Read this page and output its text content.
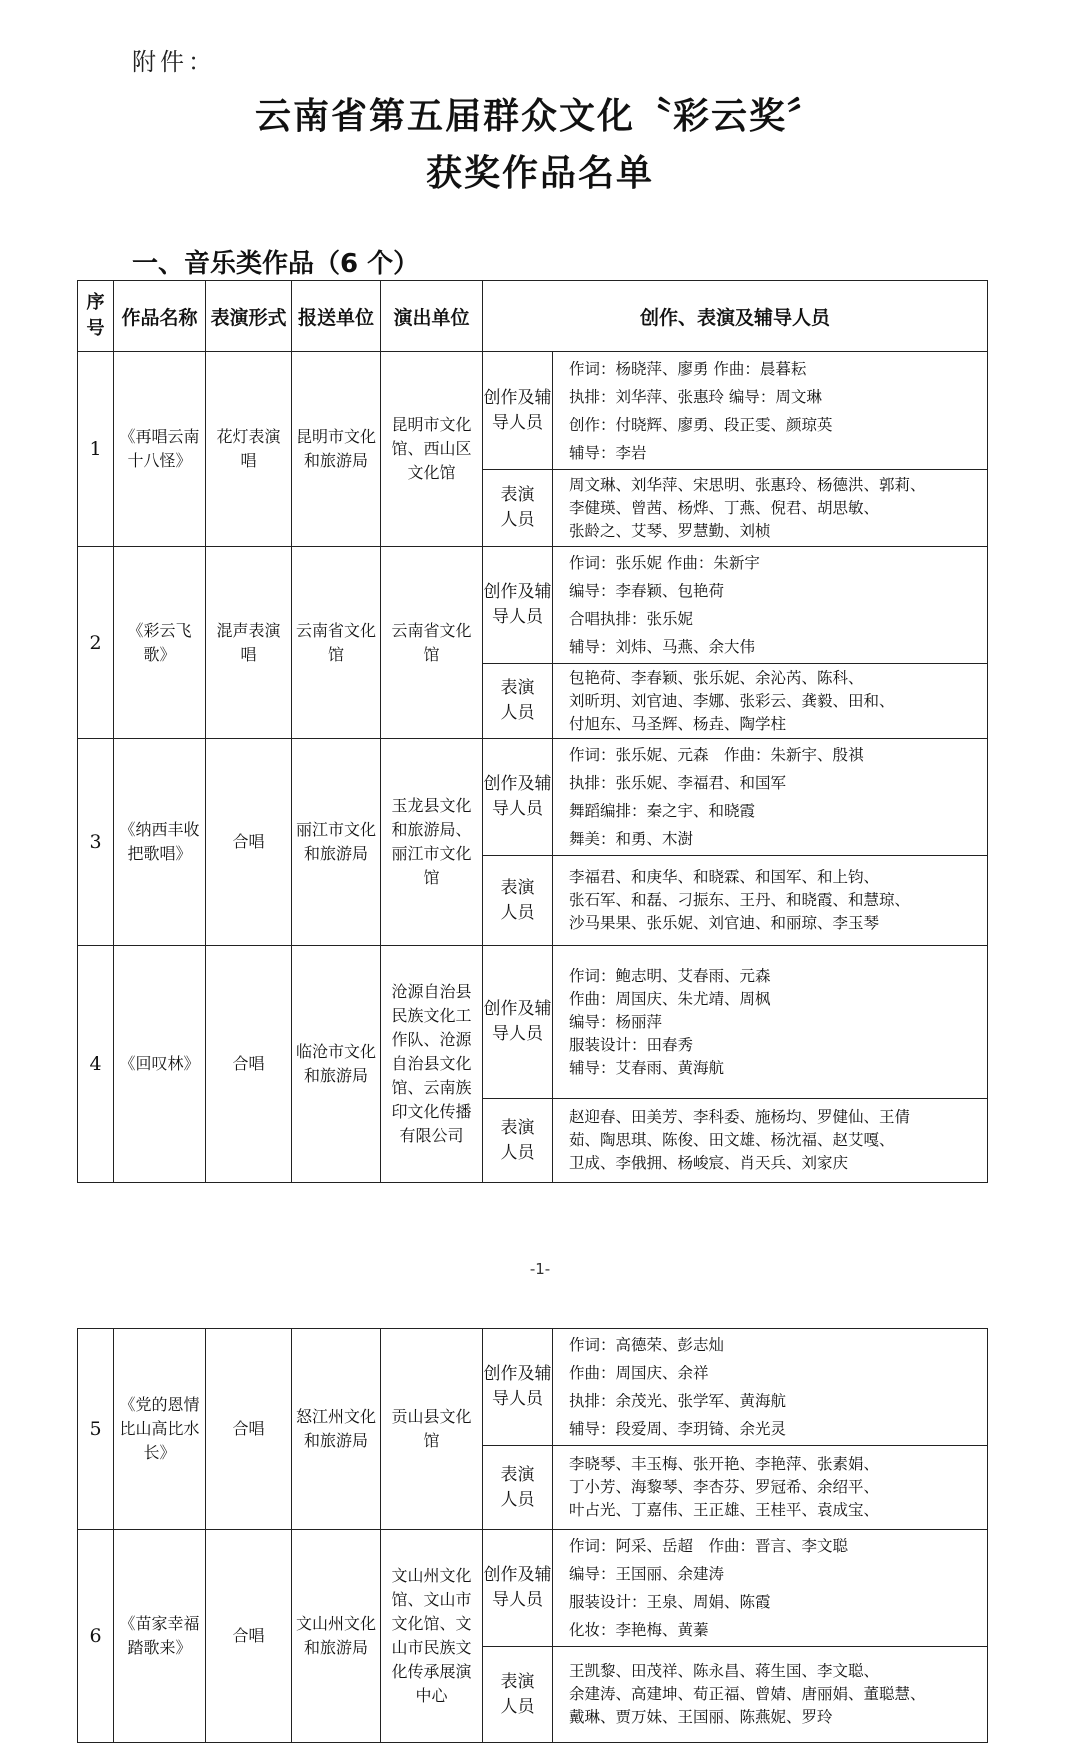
附件：
云南省第五届群众文化〝彩云奖〞
获奖作品名单
一、音乐类作品（6 个）
序号	作品名称	表演形式	报送单位	演出单位	创作、表演及辅导人员	
1	《再唱云南十八怪》	花灯表演唱	昆明市文化和旅游局	昆明市文化馆、西山区文化馆	创作及辅导人员	作词：杨晓萍、廖勇 作曲：晨暮耘
执排：刘华萍、张惠玲 编导：周文琳
创作：付晓辉、廖勇、段正雯、颜琼英
辅导：李岩

					表演人员	周文琳、刘华萍、宋思明、张惠玲、杨德洪、郭莉、
李健瑛、曾茜、杨烨、丁燕、倪君、胡思敏、
张龄之、艾琴、罗慧勤、刘桢

2	《彩云飞歌》	混声表演唱	云南省文化馆	云南省文化馆	创作及辅导人员	作词：张乐妮 作曲：朱新宇
编导：李春颖、包艳荷
合唱执排：张乐妮
辅导：刘炜、马燕、余大伟

					表演人员	包艳荷、李春颖、张乐妮、余沁芮、陈科、
刘昕玥、刘官迪、李娜、张彩云、龚毅、田和、
付旭东、马圣辉、杨垚、陶学柱

3	《纳西丰收把歌唱》	合唱	丽江市文化和旅游局	玉龙县文化和旅游局、丽江市文化馆	创作及辅导人员	作词：张乐妮、元森　作曲：朱新宇、殷祺
执排：张乐妮、李福君、和国军
舞蹈编排：秦之宇、和晓霞
舞美：和勇、木澍

					表演人员	李福君、和庚华、和晓霖、和国军、和上钧、
张石军、和磊、刁振东、王丹、和晓霞、和慧琼、
沙马果果、张乐妮、刘官迪、和丽琼、李玉琴

4	《回叹林》	合唱	临沧市文化和旅游局	沧源自治县民族文化工作队、沧源自治县文化馆、云南族印文化传播有限公司	创作及辅导人员	作词：鲍志明、艾春雨、元森
作曲：周国庆、朱尤靖、周枫
编导：杨丽萍
服装设计：田春秀
辅导：艾春雨、黄海航

					表演人员	赵迎春、田美芳、李科委、施杨均、罗健仙、王倩
茹、陶思琪、陈俊、田文雄、杨沈福、赵艾嘎、
卫成、李俄拥、杨峻宸、肖天兵、刘家庆
-1-
5	《党的恩情比山高比水长》	合唱	怒江州文化和旅游局	贡山县文化馆	创作及辅导人员	作词：高德荣、彭志灿
作曲：周国庆、余祥
执排：余茂光、张学军、黄海航
辅导：段爱周、李玥锜、余光灵

					表演人员	李晓琴、丰玉梅、张开艳、李艳萍、张素娟、
丁小芳、海黎琴、李杏芬、罗冠希、余绍平、
叶占光、丁嘉伟、王正雄、王桂平、袁成宝、

6	《苗家幸福踏歌来》	合唱	文山州文化和旅游局	文山州文化馆、文山市文化馆、文山市民族文化传承展演中心	创作及辅导人员	作词：阿采、岳超　作曲：晋言、李文聪
编导：王国丽、余建涛
服装设计：王泉、周娟、陈霞
化妆：李艳梅、黄蓁

					表演人员	王凯黎、田茂祥、陈永昌、蒋生国、李文聪、
余建涛、高建坤、荀正福、曾婧、唐丽娟、董聪慧、
戴琳、贾万妹、王国丽、陈燕妮、罗玲
